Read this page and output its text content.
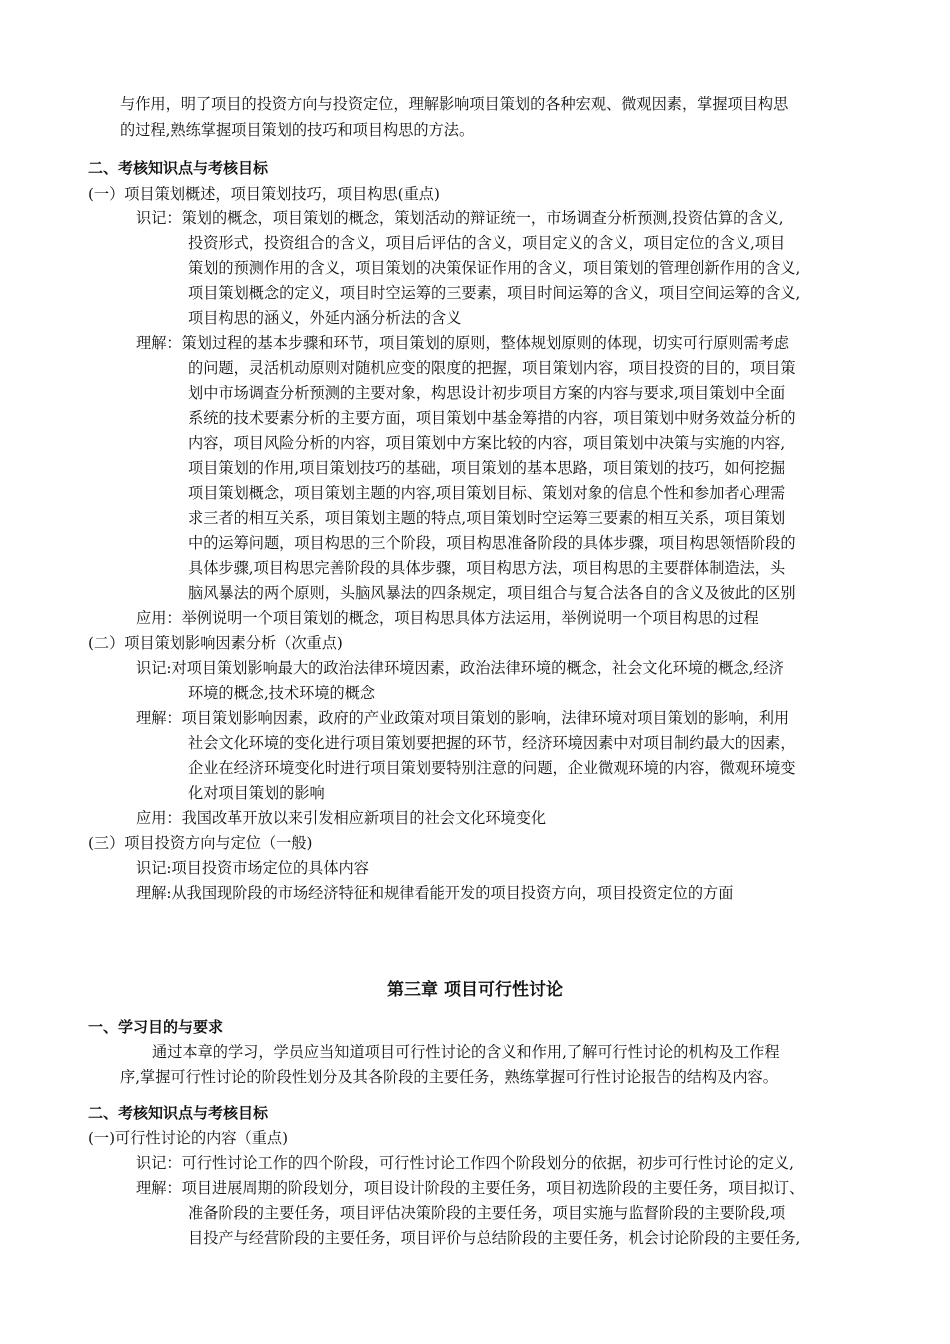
与作用，明了项目的投资方向与投资定位，理解影响项目策划的各种宏观、微观因素，掌握项目构思
的过程,熟练掌握项目策划的技巧和项目构思的方法。
二、考核知识点与考核目标
(一）项目策划概述，项目策划技巧，项目构思(重点)
识记：策划的概念，项目策划的概念，策划活动的辩证统一，市场调查分析预测,投资估算的含义,
投资形式，投资组合的含义，项目后评估的含义，项目定义的含义，项目定位的含义,项目
策划的预测作用的含义，项目策划的决策保证作用的含义，项目策划的管理创新作用的含义,
项目策划概念的定义，项目时空运筹的三要素，项目时间运筹的含义，项目空间运筹的含义,
项目构思的涵义，外延内涵分析法的含义
理解：策划过程的基本步骤和环节，项目策划的原则，整体规划原则的体现，切实可行原则需考虑
的问题，灵活机动原则对随机应变的限度的把握，项目策划内容，项目投资的目的，项目策
划中市场调查分析预测的主要对象，构思设计初步项目方案的内容与要求,项目策划中全面
系统的技术要素分析的主要方面，项目策划中基金筹措的内容，项目策划中财务效益分析的
内容，项目风险分析的内容，项目策划中方案比较的内容，项目策划中决策与实施的内容,
项目策划的作用,项目策划技巧的基础，项目策划的基本思路，项目策划的技巧，如何挖掘
项目策划概念，项目策划主题的内容,项目策划目标、策划对象的信息个性和参加者心理需
求三者的相互关系，项目策划主题的特点,项目策划时空运筹三要素的相互关系，项目策划
中的运筹问题，项目构思的三个阶段，项目构思准备阶段的具体步骤，项目构思领悟阶段的
具体步骤,项目构思完善阶段的具体步骤，项目构思方法，项目构思的主要群体制造法，头
脑风暴法的两个原则，头脑风暴法的四条规定，项目组合与复合法各自的含义及彼此的区别
应用：举例说明一个项目策划的概念，项目构思具体方法运用，举例说明一个项目构思的过程
(二）项目策划影响因素分析（次重点)
识记:对项目策划影响最大的政治法律环境因素，政治法律环境的概念，社会文化环境的概念,经济
环境的概念,技术环境的概念
理解：项目策划影响因素，政府的产业政策对项目策划的影响，法律环境对项目策划的影响，利用
社会文化环境的变化进行项目策划要把握的环节，经济环境因素中对项目制约最大的因素，
企业在经济环境变化时进行项目策划要特别注意的问题，企业微观环境的内容，微观环境变
化对项目策划的影响
应用：我国改革开放以来引发相应新项目的社会文化环境变化
(三）项目投资方向与定位（一般)
识记:项目投资市场定位的具体内容
理解:从我国现阶段的市场经济特征和规律看能开发的项目投资方向，项目投资定位的方面
第三章 项目可行性讨论
一、学习目的与要求
通过本章的学习，学员应当知道项目可行性讨论的含义和作用,了解可行性讨论的机构及工作程
序,掌握可行性讨论的阶段性划分及其各阶段的主要任务，熟练掌握可行性讨论报告的结构及内容。
二、考核知识点与考核目标
(一)可行性讨论的内容（重点)
识记：可行性讨论工作的四个阶段，可行性讨论工作四个阶段划分的依据，初步可行性讨论的定义,
理解：项目进展周期的阶段划分，项目设计阶段的主要任务，项目初选阶段的主要任务，项目拟订、
准备阶段的主要任务，项目评估决策阶段的主要任务，项目实施与监督阶段的主要阶段,项
目投产与经营阶段的主要任务，项目评价与总结阶段的主要任务，机会讨论阶段的主要任务,
